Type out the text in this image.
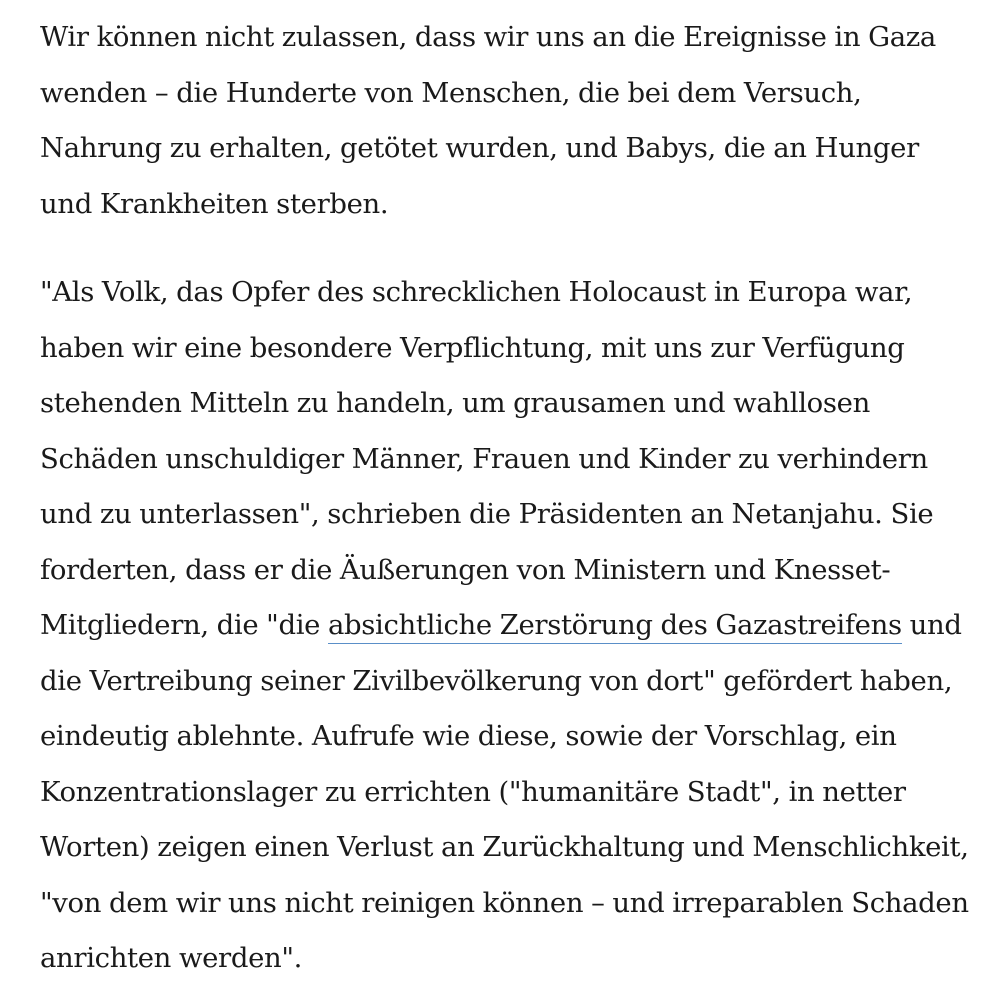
Wir können nicht zulassen, dass wir uns an die Ereignisse in Gaza wenden – die Hunderte von Menschen, die bei dem Versuch, Nahrung zu erhalten, getötet wurden, und Babys, die an Hunger und Krankheiten sterben.

"Als Volk, das Opfer des schrecklichen Holocaust in Europa war, haben wir eine besondere Verpflichtung, mit uns zur Verfügung stehenden Mitteln zu handeln, um grausamen und wahllosen Schäden unschuldiger Männer, Frauen und Kinder zu verhindern und zu unterlassen", schrieben die Präsidenten an Netanjahu. Sie forderten, dass er die Äußerungen von Ministern und Knesset-Mitgliedern, die "die absichtliche Zerstörung des Gazastreifens und die Vertreibung seiner Zivilbevölkerung von dort" gefördert haben, eindeutig ablehnte. Aufrufe wie diese, sowie der Vorschlag, ein Konzentrationslager zu errichten ("humanitäre Stadt", in netter Worten) zeigen einen Verlust an Zurückhaltung und Menschlichkeit, "von dem wir uns nicht reinigen können – und irreparablen Schaden anrichten werden".
